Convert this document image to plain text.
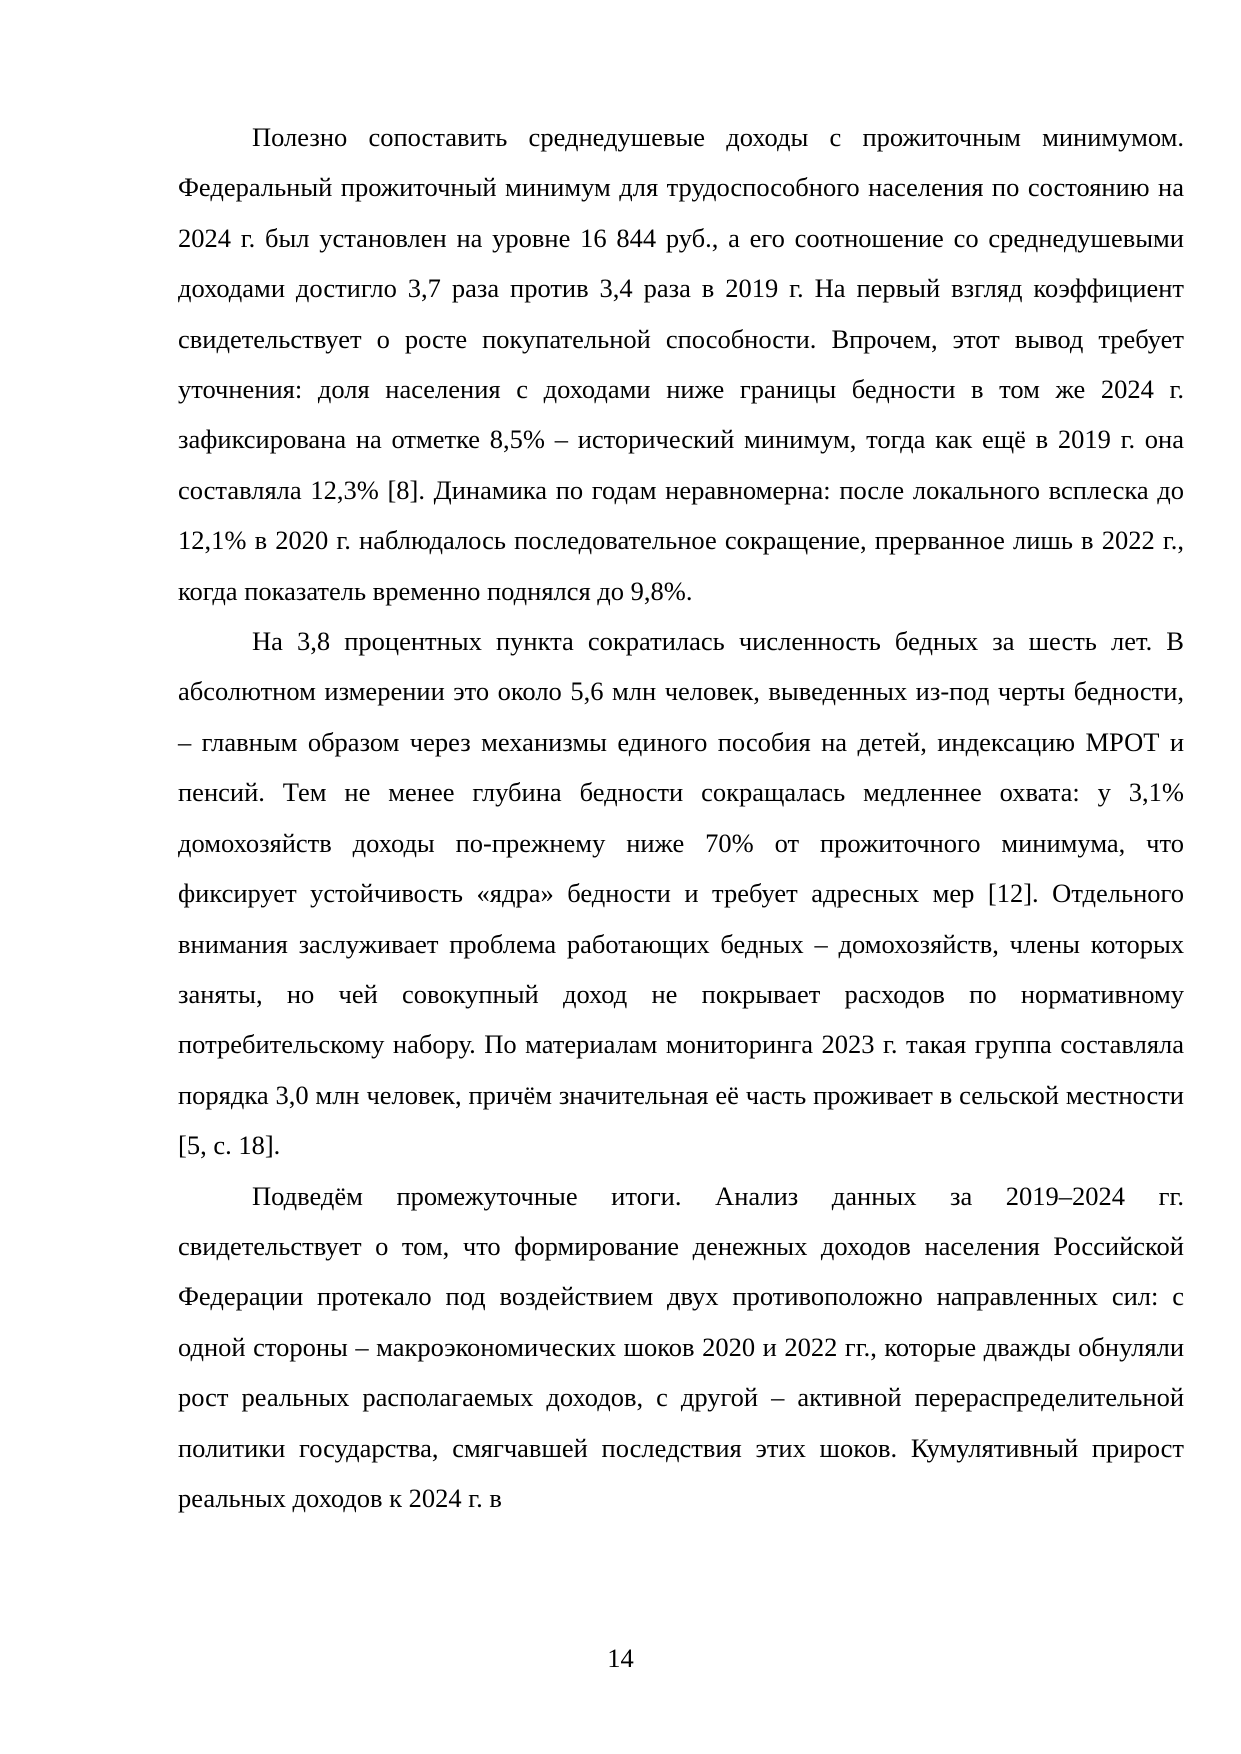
Полезно сопоставить среднедушевые доходы с прожиточным минимумом. Федеральный прожиточный минимум для трудоспособного населения по состоянию на 2024 г. был установлен на уровне 16 844 руб., а его соотношение со среднедушевыми доходами достигло 3,7 раза против 3,4 раза в 2019 г. На первый взгляд коэффициент свидетельствует о росте покупательной способности. Впрочем, этот вывод требует уточнения: доля населения с доходами ниже границы бедности в том же 2024 г. зафиксирована на отметке 8,5% – исторический минимум, тогда как ещё в 2019 г. она составляла 12,3% [8]. Динамика по годам неравномерна: после локального всплеска до 12,1% в 2020 г. наблюдалось последовательное сокращение, прерванное лишь в 2022 г., когда показатель временно поднялся до 9,8%.

На 3,8 процентных пункта сократилась численность бедных за шесть лет. В абсолютном измерении это около 5,6 млн человек, выведенных из-под черты бедности, – главным образом через механизмы единого пособия на детей, индексацию МРОТ и пенсий. Тем не менее глубина бедности сокращалась медленнее охвата: у 3,1% домохозяйств доходы по-прежнему ниже 70% от прожиточного минимума, что фиксирует устойчивость «ядра» бедности и требует адресных мер [12]. Отдельного внимания заслуживает проблема работающих бедных – домохозяйств, члены которых заняты, но чей совокупный доход не покрывает расходов по нормативному потребительскому набору. По материалам мониторинга 2023 г. такая группа составляла порядка 3,0 млн человек, причём значительная её часть проживает в сельской местности [5, с. 18].

Подведём промежуточные итоги. Анализ данных за 2019–2024 гг. свидетельствует о том, что формирование денежных доходов населения Российской Федерации протекало под воздействием двух противоположно направленных сил: с одной стороны – макроэкономических шоков 2020 и 2022 гг., которые дважды обнуляли рост реальных располагаемых доходов, с другой – активной перераспределительной политики государства, смягчавшей последствия этих шоков. Кумулятивный прирост реальных доходов к 2024 г. в

14
